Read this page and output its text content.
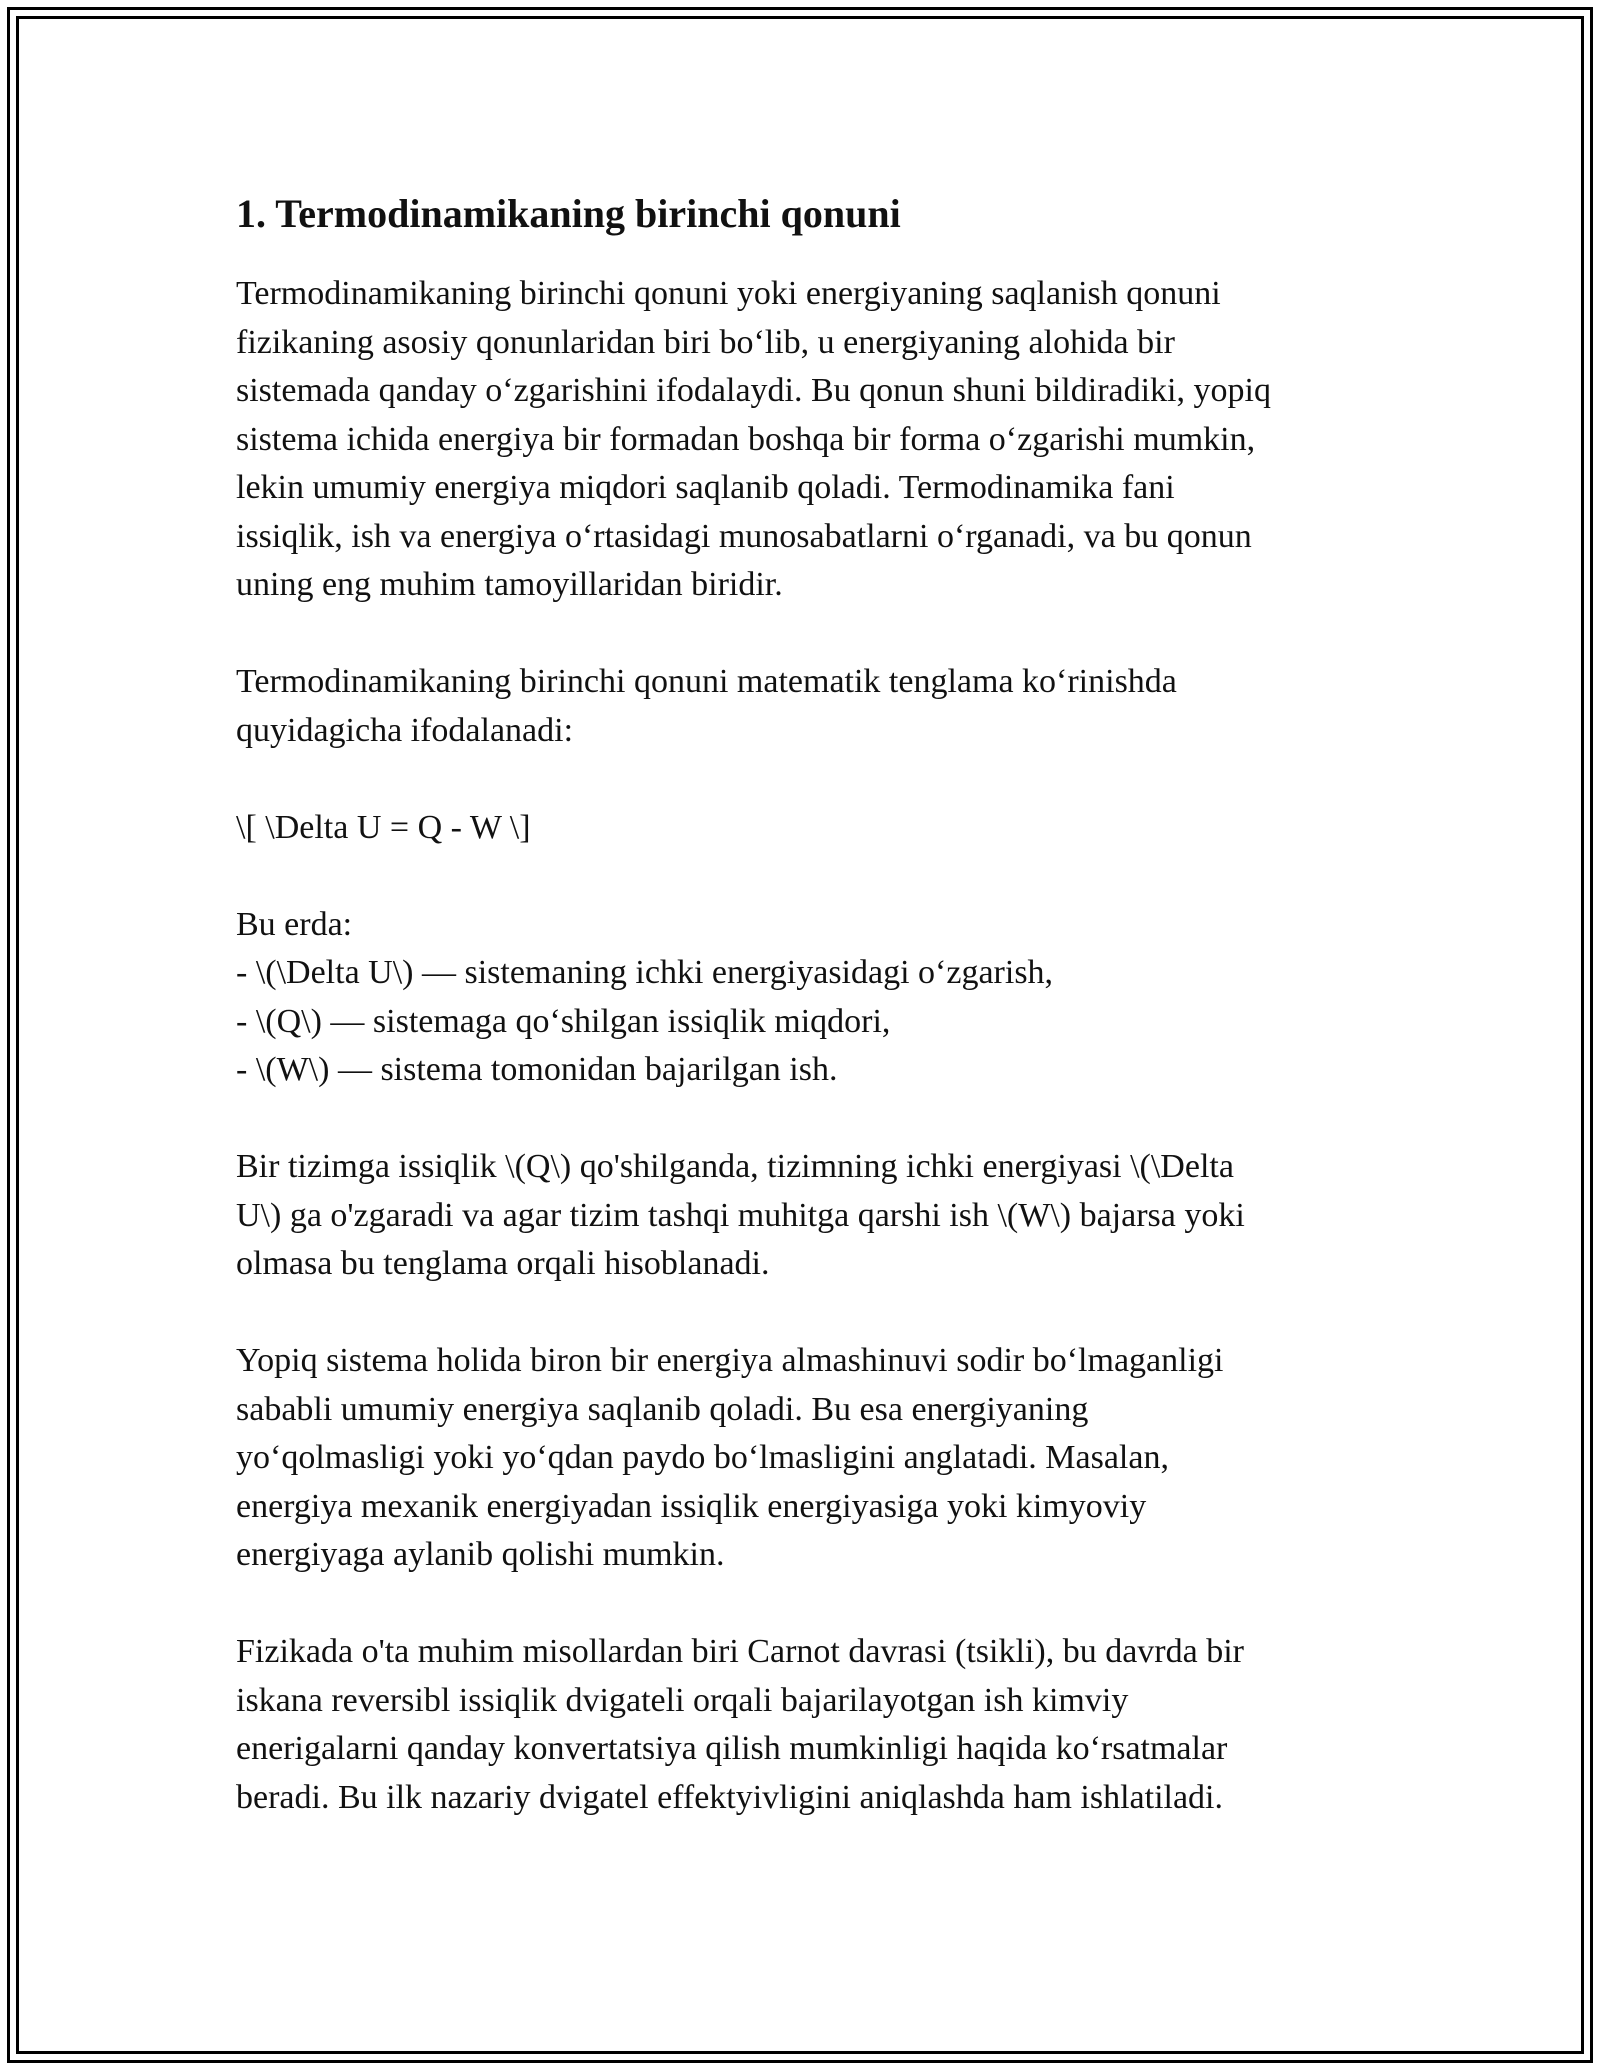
1. Termodinamikaning birinchi qonuni

Termodinamikaning birinchi qonuni yoki energiyaning saqlanish qonuni
fizikaning asosiy qonunlaridan biri bo‘lib, u energiyaning alohida bir
sistemada qanday o‘zgarishini ifodalaydi. Bu qonun shuni bildiradiki, yopiq
sistema ichida energiya bir formadan boshqa bir forma o‘zgarishi mumkin,
lekin umumiy energiya miqdori saqlanib qoladi. Termodinamika fani
issiqlik, ish va energiya o‘rtasidagi munosabatlarni o‘rganadi, va bu qonun
uning eng muhim tamoyillaridan biridir.

Termodinamikaning birinchi qonuni matematik tenglama ko‘rinishda
quyidagicha ifodalanadi:

\[ \Delta U = Q - W \]

Bu erda:
- \(\Delta U\) — sistemaning ichki energiyasidagi o‘zgarish,
- \(Q\) — sistemaga qo‘shilgan issiqlik miqdori,
- \(W\) — sistema tomonidan bajarilgan ish.

Bir tizimga issiqlik \(Q\) qo'shilganda, tizimning ichki energiyasi \(\Delta
U\) ga o'zgaradi va agar tizim tashqi muhitga qarshi ish \(W\) bajarsa yoki
olmasa bu tenglama orqali hisoblanadi.

Yopiq sistema holida biron bir energiya almashinuvi sodir bo‘lmaganligi
sababli umumiy energiya saqlanib qoladi. Bu esa energiyaning
yo‘qolmasligi yoki yo‘qdan paydo bo‘lmasligini anglatadi. Masalan,
energiya mexanik energiyadan issiqlik energiyasiga yoki kimyoviy
energiyaga aylanib qolishi mumkin.

Fizikada o'ta muhim misollardan biri Carnot davrasi (tsikli), bu davrda bir
iskana reversibl issiqlik dvigateli orqali bajarilayotgan ish kimviy
enerigalarni qanday konvertatsiya qilish mumkinligi haqida ko‘rsatmalar
beradi. Bu ilk nazariy dvigatel effektyivligini aniqlashda ham ishlatiladi.
